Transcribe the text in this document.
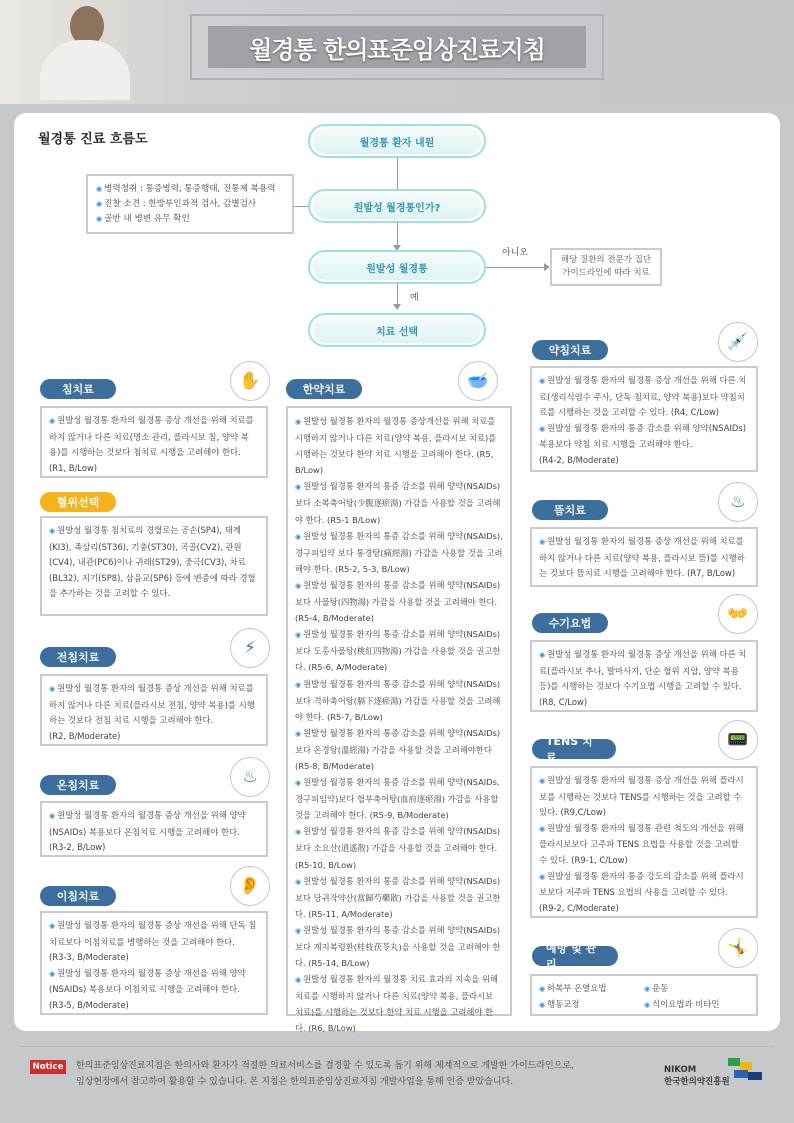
월경통 한의표준임상진료지침
월경통 진료 흐름도	월경통 환자 내원
◉ 병력청취 : 통증병력, 통증행태, 진통제 복용력
◉ 진찰 소견 : 한방부인과적 검사, 감별검사
◉ 골반 내 병변 유무 확인
원발성 월경통인가?
원발성 월경통
아니오
해당 질환의 전문가 집단
가이드라인에 따라 치료
예
치료 선택
침치료	✋

◉ 원발성 월경통 환자의 월경통 증상 개선을 위해 치료를 하지 않거나 다른 치료(명소 관리, 플라시보 침, 양약 복용)를 시행하는 것보다 침치료 시행을 고려해야 한다.

(R1, B/Low)

혈위선택

◉ 원발성 월경통 침치료의 경혈로는 공손(SP4), 태계(KI3), 족삼리(ST36), 기충(ST30), 곡골(CV2), 관원(CV4), 내관(PC6)이나 귀래(ST29), 중극(CV3), 차료(BL32), 지기(SP8), 삼음교(SP6) 등에 변증에 따라 경혈을 추가하는 것을 고려할 수 있다.

전침치료	⚡

◉ 원발성 월경통 환자의 월경통 증상 개선을 위해 치료를 하지 않거나 다른 치료(플라시보 전침, 양약 복용)를 시행하는 것보다 전침 치료 시행을 고려해야 한다.

(R2, B/Moderate)

온침치료	♨

◉ 원발성 월경통 환자의 월경통 증상 개선을 위해 양약(NSAIDs) 복용보다 온침치료 시행을 고려해야 한다.

(R3-2, B/Low)

이침치료
👂

◉ 원발성 월경통 환자의 월경통 증상 개선을 위해 단독 침치료보다 이침치료를 병행하는 것을 고려해야 한다.

(R3-3, B/Moderate)

◉ 원발성 월경통 환자의 월경통 증상 개선을 위해 양약(NSAIDs) 복용보다 이침치료 시행을 고려해야 한다.

(R3-5, B/Moderate)

한약치료	🥣

◉ 원발성 월경통 환자의 월경통 증상개선을 위해 치료를 시행하지 않거나 다른 치료(양약 복용, 플라시보 치료)를 시행하는 것보다 한약 치료 시행을 고려해야 한다. (R5, B/Low)

◉ 원발성 월경통 환자의 통증 감소를 위해 양약(NSAIDs)보다 소복축어탕(少腹逐瘀湯) 가감을 사용할 것을 고려해야 한다. (R5-1 B/Low)

◉ 원발성 월경통 환자의 통증 감소를 위해 양약(NSAIDs), 경구피임약 보다 통경탕(痛經湯) 가감을 사용할 것을 고려해야 한다. (R5-2, 5-3, B/Low)

◉ 원발성 월경통 환자의 통증 감소를 위해 양약(NSAIDs)보다 사물탕(四物湯) 가감을 사용할 것을 고려해야 한다. (R5-4, B/Moderate)

◉ 원발성 월경통 환자의 통증 감소를 위해 양약(NSAIDs)보다 도홍사물탕(桃紅四物湯) 가감을 사용할 것을 권고한다. (R5-6, A/Moderate)

◉ 원발성 월경통 환자의 통증 감소를 위해 양약(NSAIDs)보다 격하축어탕(膈下逐瘀湯) 가감을 사용할 것을 고려해야 한다. (R5-7, B/Low)

◉ 원발성 월경통 환자의 통증 감소를 위해 양약(NSAIDs)보다 온경탕(溫經湯) 가감을 사용할 것을 고려해야한다 (R5-8, B/Moderate)

◉ 원발성 월경통 환자의 통증 감소를 위해 양약(NSAIDs, 경구피임약)보다 혈부축어탕(血府逐瘀湯) 가감을 사용할 것을 고려해야 한다. (R5-9, B/Moderate)

◉ 원발성 월경통 환자의 통증 감소를 위해 양약(NSAIDs)보다 소요산(逍遙散) 가감을 사용할 것을 고려해야 한다. (R5-10, B/Low)

◉ 원발성 월경통 환자의 통증 감소를 위해 양약(NSAIDs)보다 당귀작약산(當歸芍藥散) 가감을 사용할 것을 권고한다. (R5-11, A/Moderate)

◉ 원발성 월경통 환자의 통증 감소를 위해 양약(NSAIDs)보다 계지복령환(桂枝茯苓丸)을 사용할 것을 고려해야 한다. (R5-14, B/Low)

◉ 원발성 월경통 환자의 월경통 치료 효과의 지속을 위해 치료를 시행하지 않거나 다른 치료(양약 복용, 플라시보 치료)를 시행하는 것보다 한약 치료 시행을 고려해야 한다. (R6, B/Low)

약침치료	💉

◉ 원발성 월경통 환자의 월경통 증상 개선을 위해 다른 치료(생리식염수 주사, 단독 침치료, 양약 복용)보다 약침치료를 시행하는 것을 고려할 수 있다. (R4, C/Low)

◉ 원발성 월경통 환자의 통증 감소를 위해 양약(NSAIDs) 복용보다 약침 치료 시행을 고려해야 한다.

(R4-2, B/Moderate)

뜸치료	♨

◉ 원발성 월경통 환자의 월경통 증상 개선을 위해 치료를 하지 않거나 다른 치료(양약 복용, 플라시보 뜸)를 시행하는 것보다 뜸치료 시행을 고려해야 한다. (R7, B/Low)

수기요법	👐

◉ 원발성 월경통 환자의 월경통 증상 개선을 위해 다른 치료(플라시보 추나, 발마사지, 단순 혈위 지압, 양약 복용등)를 시행하는 것보다 수기요법 시행을 고려할 수 있다.

(R8, C/Low)

TENS 치료
📟

◉ 원발성 월경통 환자의 월경통 증상 개선을 위해 플라시보를 시행하는 것보다 TENS를 시행하는 것을 고려할 수 있다. (R9,C/Low)

◉ 원발성 월경통 환자의 월경통 관련 척도의 개선을 위해 플라시보보다 고주파 TENS 요법을 사용할 것을 고려할 수 있다. (R9-1, C/Low)

◉ 원발성 월경통 환자의 통증 강도의 감소를 위해 플라시보보다 저주파 TENS 요법의 사용을 고려할 수 있다.

(R9-2, C/Moderate)

예방 및 관리
🤸
◉ 하복부 온열요법	◉ 운동
◉ 행동교정	◉ 식이요법과 비타민
Notice 한의표준임상진료지침은 한의사와 환자가 적절한 의료서비스를 결정할 수 있도록 돕기 위해 체계적으로 개발한 가이드라인으로,
임상현장에서 참고하여 활용할 수 있습니다. 본 지침은 한의표준임상진료지침 개발사업을 통해 인증 받았습니다.
NIKOM
한국한의약진흥원
